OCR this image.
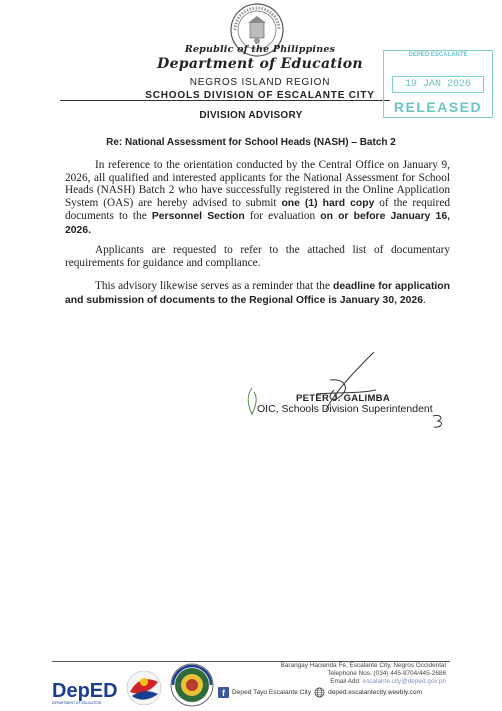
Republic of the Philippines
Department of Education
NEGROS ISLAND REGION
SCHOOLS DIVISION OF ESCALANTE CITY
DEPED ESCALANTE
19 JAN 2026
RELEASED
DIVISION ADVISORY
Re: National Assessment for School Heads (NASH) – Batch 2
In reference to the orientation conducted by the Central Office on January 9, 2026, all qualified and interested applicants for the National Assessment for School Heads (NASH) Batch 2 who have successfully registered in the Online Application System (OAS) are hereby advised to submit one (1) hard copy of the required documents to the Personnel Section for evaluation on or before January 16, 2026.
Applicants are requested to refer to the attached list of documentary requirements for guidance and compliance.
This advisory likewise serves as a reminder that the deadline for application and submission of documents to the Regional Office is January 30, 2026.
PETER J. GALIMBA
OIC, Schools Division Superintendent
Barangay Hacienda Fe, Escalante City, Negros Occidental
Telephone Nos. (034) 445-9704/445-2686
Email Add: escalante.city@deped.gov.ph
f	Deped Tayo Escalante City	deped.escalantecity.weebly.com
DepED
DEPARTMENT OF EDUCATION
